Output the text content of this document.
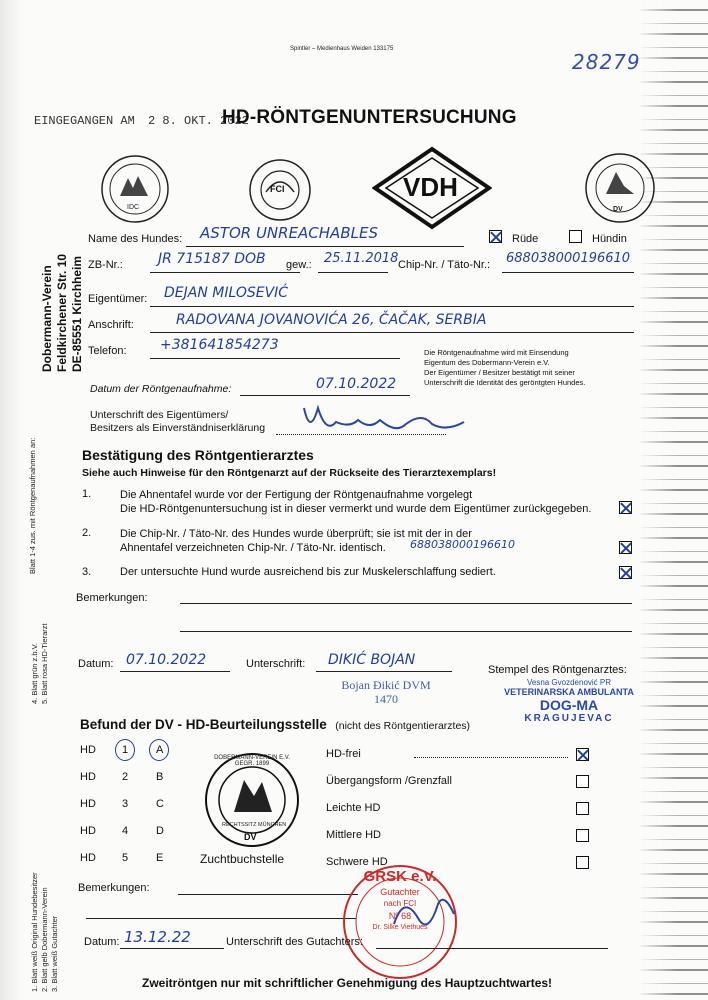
Spintler – Medienhaus Weiden 133175
28279
EINGEGANGEN AM 2 8. OKT. 2022
HD-RÖNTGENUNTERSUCHUNG
IDC
FCI	VDH
DV
Dobermann-Verein Feldkirchener Str. 10 DE-85551 Kirchheim
Name des Hundes: ASTOR UNREACHABLES	Rüde	Hündin
ZB-Nr.:	JR 715187 DOB gew.: 25.11.2018 Chip-Nr. / Täto-Nr.: 688038000196610
Eigentümer: DEJAN MILOSEVIĆ
Anschrift:	RADOVANA JOVANOVIĆA 26, ČAČAK, SERBIA
Telefon: +381641854273	Die Röntgenaufnahme wird mit Einsendung
Eigentum des Dobermann-Verein e.V.
Der Eigentümer / Besitzer bestätigt mit seiner
Unterschrift die Identität des geröntgten Hundes.
Datum der Röntgenaufnahme:	07.10.2022
Unterschrift des Eigentümers/
Besitzers als Einverständniserklärung
Blatt 1-4 zus. mit Röntgenaufnahmen an:	Bestätigung des Röntgentierarztes
Siehe auch Hinweise für den Röntgenarzt auf der Rückseite des Tierarztexemplars!
1.	Die Ahnentafel wurde vor der Fertigung der Röntgenaufnahme vorgelegt
Die HD-Röntgenuntersuchung ist in dieser vermerkt und wurde dem Eigentümer zurückgegeben.
2.	Die Chip-Nr. / Täto-Nr. des Hundes wurde überprüft; sie ist mit der in der
Ahnentafel verzeichneten Chip-Nr. / Täto-Nr. identisch.	688038000196610
3.	Der untersuchte Hund wurde ausreichend bis zur Muskelerschlaffung sediert.
Bemerkungen:
Datum: 07.10.2022	Unterschrift: DIKIĆ BOJAN
Bojan Đikić DVM
1470
Stempel des Röntgenarztes:
Vesna Gvozdenović PR
VETERINARSKA AMBULANTA
DOG-MA
KRAGUJEVAC
4. Blatt grün z.b.V. 5. Blatt rosa HD-Tierarzt
Befund der DV - HD-Beurteilungsstelle (nicht des Röntgentierarztes)
HD 1	A
HD 2	B
HD 3	C
HD 4	D
HD 5	E
DOBERMANN-VEREIN E.V. GEGR. 1899
RECHTSSITZ MÜNCHEN
DV
Zuchtbuchstelle
HD-frei
Übergangsform /Grenzfall
Leichte HD
Mittlere HD
Schwere HD
Bemerkungen:
GRSK e.V.
Gutachter
nach FCI
Nº 68
Dr. Silke Viethues
Datum: 13.12.22	Unterschrift des Gutachters:
Zweitröntgen nur mit schriftlicher Genehmigung des Hauptzuchtwartes!
1. Blatt weiß Original Hundebesitzer 2. Blatt gelb Dobermann-Verein 3. Blatt weiß Gutachter
